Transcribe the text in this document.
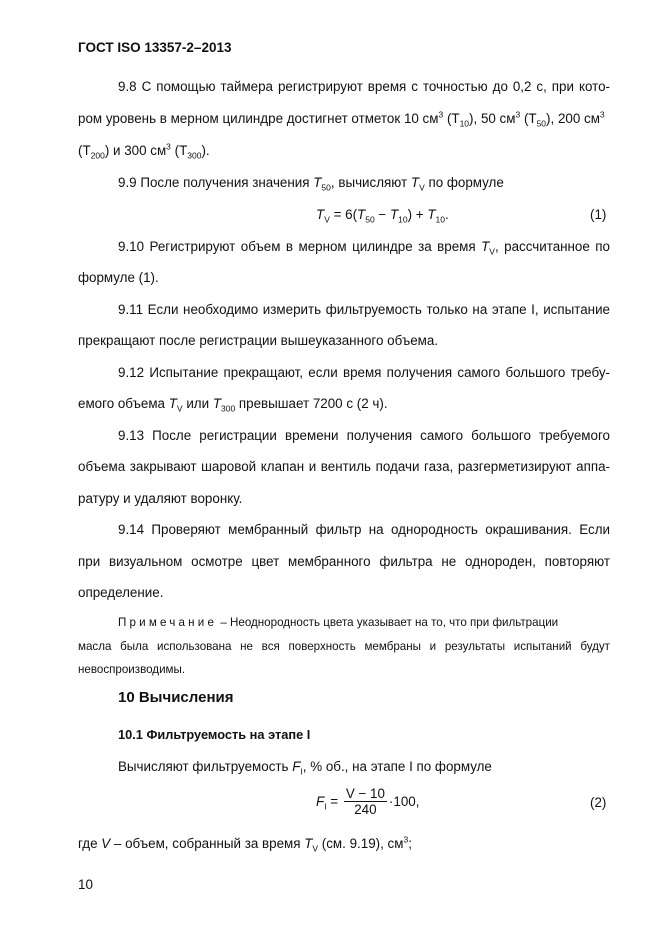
ГОСТ ISO 13357-2–2013
9.8 С помощью таймера регистрируют время с точностью до 0,2 с, при кото-
ром уровень в мерном цилиндре достигнет отметок 10 $см^3$ $(Т_{10})$, 50 $см^3$ $(Т_{50})$, 200 $см^3$
$(Т_{200})$ и 300 $см^3$ $(Т_{300})$.
9.9 После получения значения $Т_{50}$, вычисляют $T_V$ по формуле
$T_V = 6(T_{50} - T_{10}) + T_{10}$.	(1)
9.10 Регистрируют объем в мерном цилиндре за время $Т_V$, рассчитанное по
формуле (1).
9.11 Если необходимо измерить фильтруемость только на этапе I, испытание
прекращают после регистрации вышеуказанного объема.
9.12 Испытание прекращают, если время получения самого большого требу-
емого объема $Т_V$ или $Т_{300}$ превышает 7200 с (2 ч).
9.13 После регистрации времени получения самого большого требуемого
объема закрывают шаровой клапан и вентиль подачи газа, разгерметизируют аппа-
ратуру и удаляют воронку.
9.14 Проверяют мембранный фильтр на однородность окрашивания. Если
при визуальном осмотре цвет мембранного фильтра не однороден, повторяют
определение.
Примечание – Неоднородность цвета указывает на то, что при фильтрации
масла была использована не вся поверхность мембраны и результаты испытаний будут
невоспроизводимы.
10 Вычисления
10.1 Фильтруемость на этапе I
Вычисляют фильтруемость $F_I$, % об., на этапе I по формуле
$F_I = \frac{V - 10}{240} \cdot 100$,	(2)
где V – объем, собранный за время $Т_V$ (см. 9.19), $см^3$;
10
